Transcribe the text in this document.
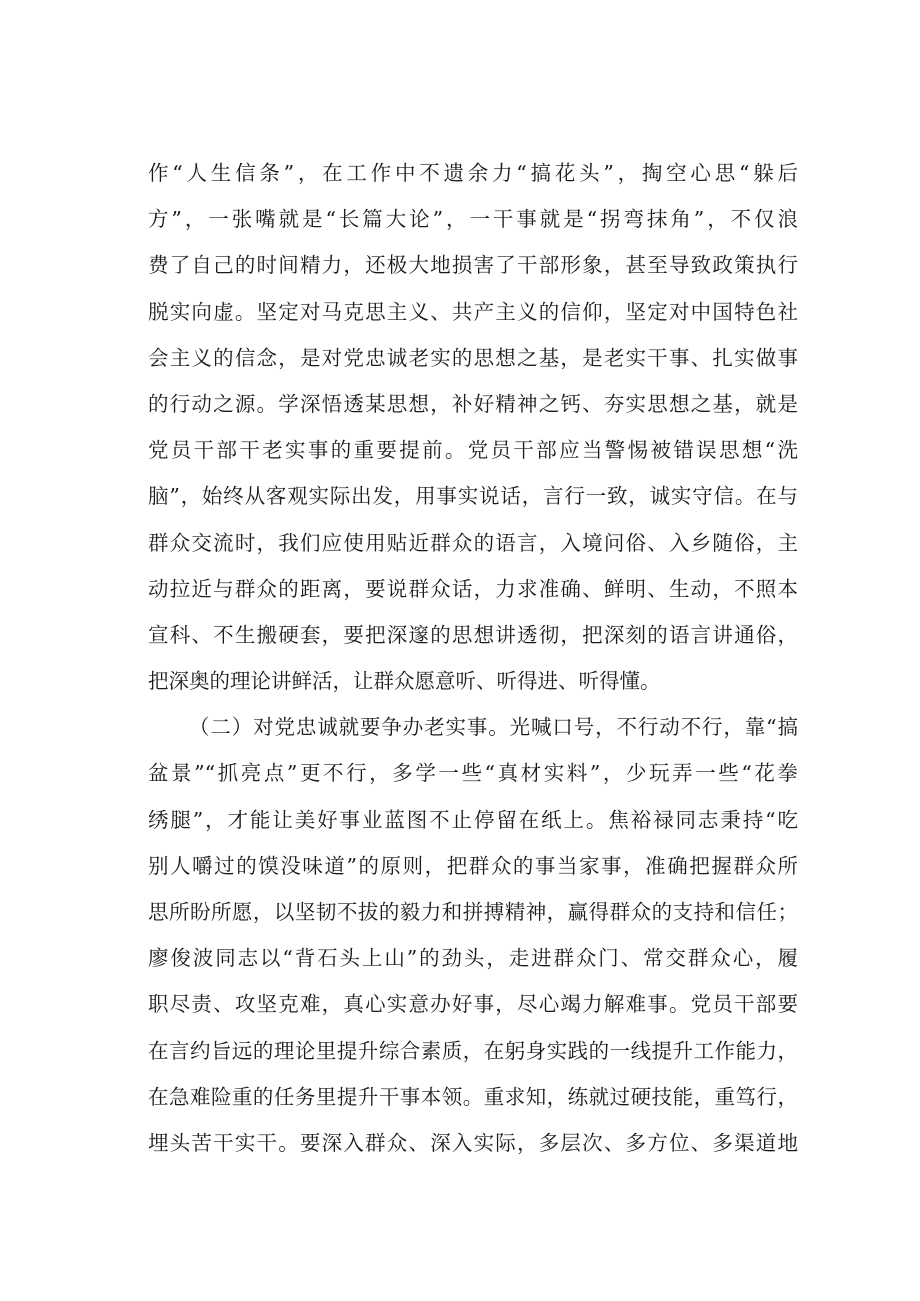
作“人生信条”，在工作中不遗余力“搞花头”，掏空心思“躲后
方”，一张嘴就是“长篇大论”，一干事就是“拐弯抹角”，不仅浪
费了自己的时间精力，还极大地损害了干部形象，甚至导致政策执行
脱实向虚。坚定对马克思主义、共产主义的信仰，坚定对中国特色社
会主义的信念，是对党忠诚老实的思想之基，是老实干事、扎实做事
的行动之源。学深悟透某思想，补好精神之钙、夯实思想之基，就是
党员干部干老实事的重要提前。党员干部应当警惕被错误思想“洗
脑”，始终从客观实际出发，用事实说话，言行一致，诚实守信。在与
群众交流时，我们应使用贴近群众的语言，入境问俗、入乡随俗，主
动拉近与群众的距离，要说群众话，力求准确、鲜明、生动，不照本
宣科、不生搬硬套，要把深邃的思想讲透彻，把深刻的语言讲通俗，
把深奥的理论讲鲜活，让群众愿意听、听得进、听得懂。
（二）对党忠诚就要争办老实事。光喊口号，不行动不行，靠“搞
盆景”“抓亮点”更不行，多学一些“真材实料”，少玩弄一些“花拳
绣腿”，才能让美好事业蓝图不止停留在纸上。焦裕禄同志秉持“吃
别人嚼过的馍没味道”的原则，把群众的事当家事，准确把握群众所
思所盼所愿，以坚韧不拔的毅力和拼搏精神，赢得群众的支持和信任；
廖俊波同志以“背石头上山”的劲头，走进群众门、常交群众心，履
职尽责、攻坚克难，真心实意办好事，尽心竭力解难事。党员干部要
在言约旨远的理论里提升综合素质，在躬身实践的一线提升工作能力，
在急难险重的任务里提升干事本领。重求知，练就过硬技能，重笃行，
埋头苦干实干。要深入群众、深入实际，多层次、多方位、多渠道地
